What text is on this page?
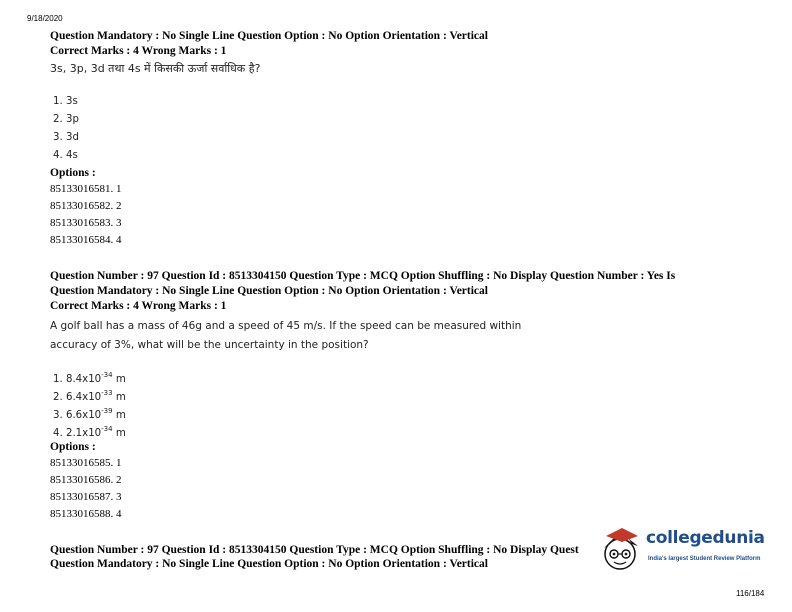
9/18/2020
Question Mandatory : No Single Line Question Option : No Option Orientation : Vertical
Correct Marks : 4 Wrong Marks : 1
3s, 3p, 3d तथा 4s में किसकी ऊर्जा सर्वाधिक है?
1. 3s
2. 3p
3. 3d
4. 4s
Options :
85133016581. 1
85133016582. 2
85133016583. 3
85133016584. 4
Question Number : 97 Question Id : 8513304150 Question Type : MCQ Option Shuffling : No Display Question Number : Yes Is
Question Mandatory : No Single Line Question Option : No Option Orientation : Vertical
Correct Marks : 4 Wrong Marks : 1
A golf ball has a mass of 46g and a speed of 45 m/s. If the speed can be measured within
accuracy of 3%, what will be the uncertainty in the position?
1. $8.4x10^{-34}$ m
2. $6.4x10^{-33}$ m
3. $6.6x10^{-39}$ m
4. $2.1x10^{-34}$ m
Options :
85133016585. 1
85133016586. 2
85133016587. 3
85133016588. 4
Question Number : 97 Question Id : 8513304150 Question Type : MCQ Option Shuffling : No Display Quest
Question Mandatory : No Single Line Question Option : No Option Orientation : Vertical
collegedunia
India's largest Student Review Platform
116/184
